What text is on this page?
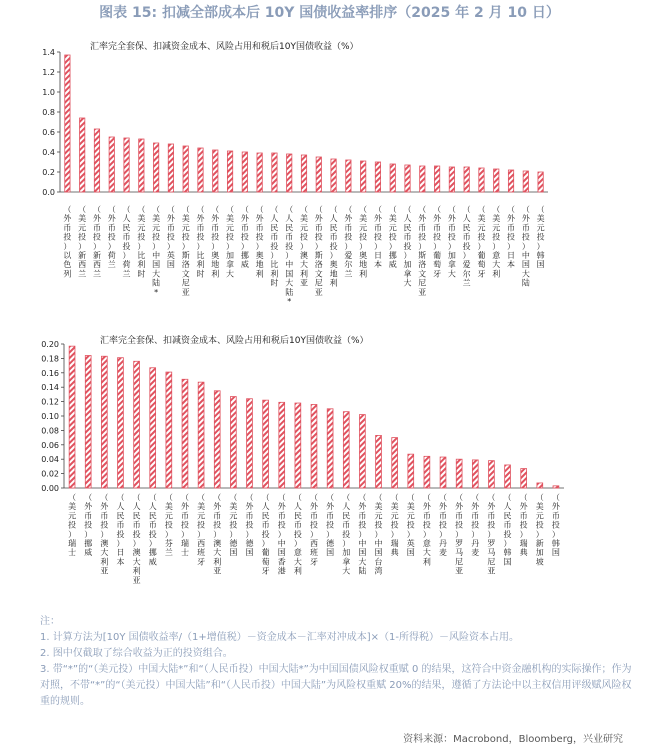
图表 15: 扣减全部成本后 10Y 国债收益率排序（2025 年 2 月 10 日）
汇率完全套保、扣减资金成本、风险占用和税后10Y国债收益（%）
0.0
0.2
0.4
0.6
0.8
1.0
1.2
1.4
（外币投）以色列
（美元投）新西兰
（外币投）新西兰
（外币投）荷兰
（人民币投）荷兰
（美元投）比利时
（美元投）中国大陆*
（外币投）英国
（美元投）斯洛文尼亚
（外币投）比利时
（外币投）奥地利
（美元投）加拿大
（外币投）挪威
（外币投）奥地利
（人民币投）比利时
（人民币投）中国大陆*
（美元投）澳大利亚
（外币投）斯洛文尼亚
（人民币投）奥地利
（外币投）爱尔兰
（美元投）奥地利
（外币投）日本
（美元投）挪威
（人民币投）加拿大
（外币投）斯洛文尼亚
（外币投）葡萄牙
（外币投）加拿大
（人民币投）爱尔兰
（美元投）葡萄牙
（美元投）意大利
（外币投）日本
（外币投）中国大陆
（美元投）韩国
汇率完全套保、扣减资金成本、风险占用和税后10Y国债收益（%）
0.00
0.02
0.04
0.06
0.08
0.10
0.12
0.14
0.16
0.18
0.20
（美元投）瑞士
（外币投）挪威
（外币投）澳大利亚
（人民币投）日本
（人民币投）澳大利亚
（人民币投）挪威
（美元投）芬兰
（外币投）瑞士
（美元投）西班牙
（外币投）澳大利亚
（美元投）德国
（外币投）德国
（人民币投）葡萄牙
（外币投）中国香港
（人民币投）意大利
（外币投）西班牙
（外币投）德国
（人民币投）加拿大
（外币投）中国大陆
（美元投）中国台湾
（美元投）瑞典
（美元投）英国
（外币投）意大利
（外币投）丹麦
（外币投）罗马尼亚
（外币投）丹麦
（外币投）罗马尼亚
（人民币投）韩国
（外币投）瑞典
（美元投）新加坡
（外币投）韩国
注：
1. 计算方法为[10Y 国债收益率/（1+增值税）－资金成本－汇率对冲成本]×（1-所得税）－风险资本占用。
2. 图中仅截取了综合收益为正的投资组合。
3. 带“*”的“（美元投）中国大陆*”和“（人民币投）中国大陆*”为中国国债风险权重赋 0 的结果，这符合中资金融机构的实际操作；作为对照，不带“*”的“（美元投）中国大陆”和“（人民币投）中国大陆”为风险权重赋 20%的结果，遵循了方法论中以主权信用评级赋风险权重的规则。
资料来源：Macrobond，Bloomberg，兴业研究
